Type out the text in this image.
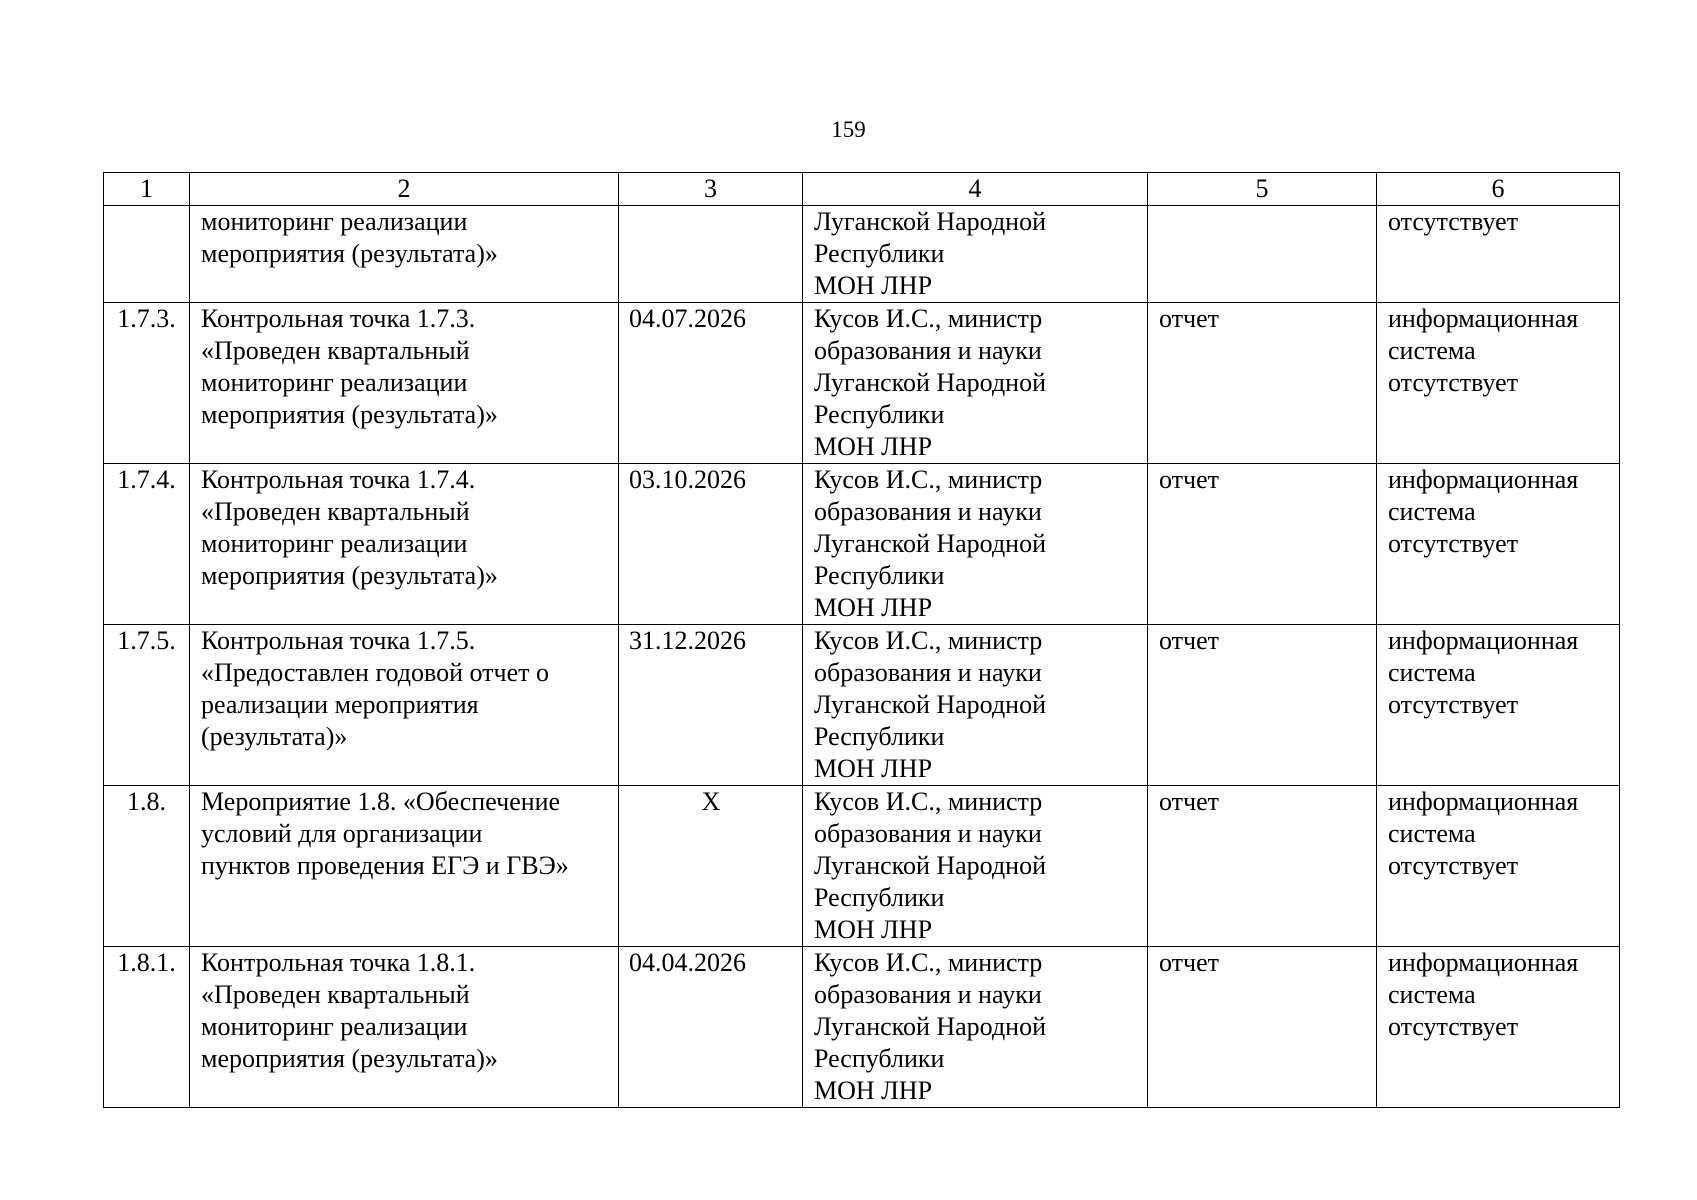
159
1	2	3	4	5	6

	мониторинг реализации
мероприятия (результата)»		Луганской Народной
Республики
МОН ЛНР		отсутствует

1.7.3.	Контрольная точка 1.7.3.
«Проведен квартальный
мониторинг реализации
мероприятия (результата)»	04.07.2026	Кусов И.С., министр
образования и науки
Луганской Народной
Республики
МОН ЛНР	отчет	информационная
система
отсутствует

1.7.4.	Контрольная точка 1.7.4.
«Проведен квартальный
мониторинг реализации
мероприятия (результата)»	03.10.2026	Кусов И.С., министр
образования и науки
Луганской Народной
Республики
МОН ЛНР	отчет	информационная
система
отсутствует

1.7.5.	Контрольная точка 1.7.5.
«Предоставлен годовой отчет о
реализации мероприятия
(результата)»	31.12.2026	Кусов И.С., министр
образования и науки
Луганской Народной
Республики
МОН ЛНР	отчет	информационная
система
отсутствует

1.8.	Мероприятие 1.8. «Обеспечение
условий для организации
пунктов проведения ЕГЭ и ГВЭ»	X	Кусов И.С., министр
образования и науки
Луганской Народной
Республики
МОН ЛНР	отчет	информационная
система
отсутствует

1.8.1.	Контрольная точка 1.8.1.
«Проведен квартальный
мониторинг реализации
мероприятия (результата)»	04.04.2026	Кусов И.С., министр
образования и науки
Луганской Народной
Республики
МОН ЛНР	отчет	информационная
система
отсутствует
